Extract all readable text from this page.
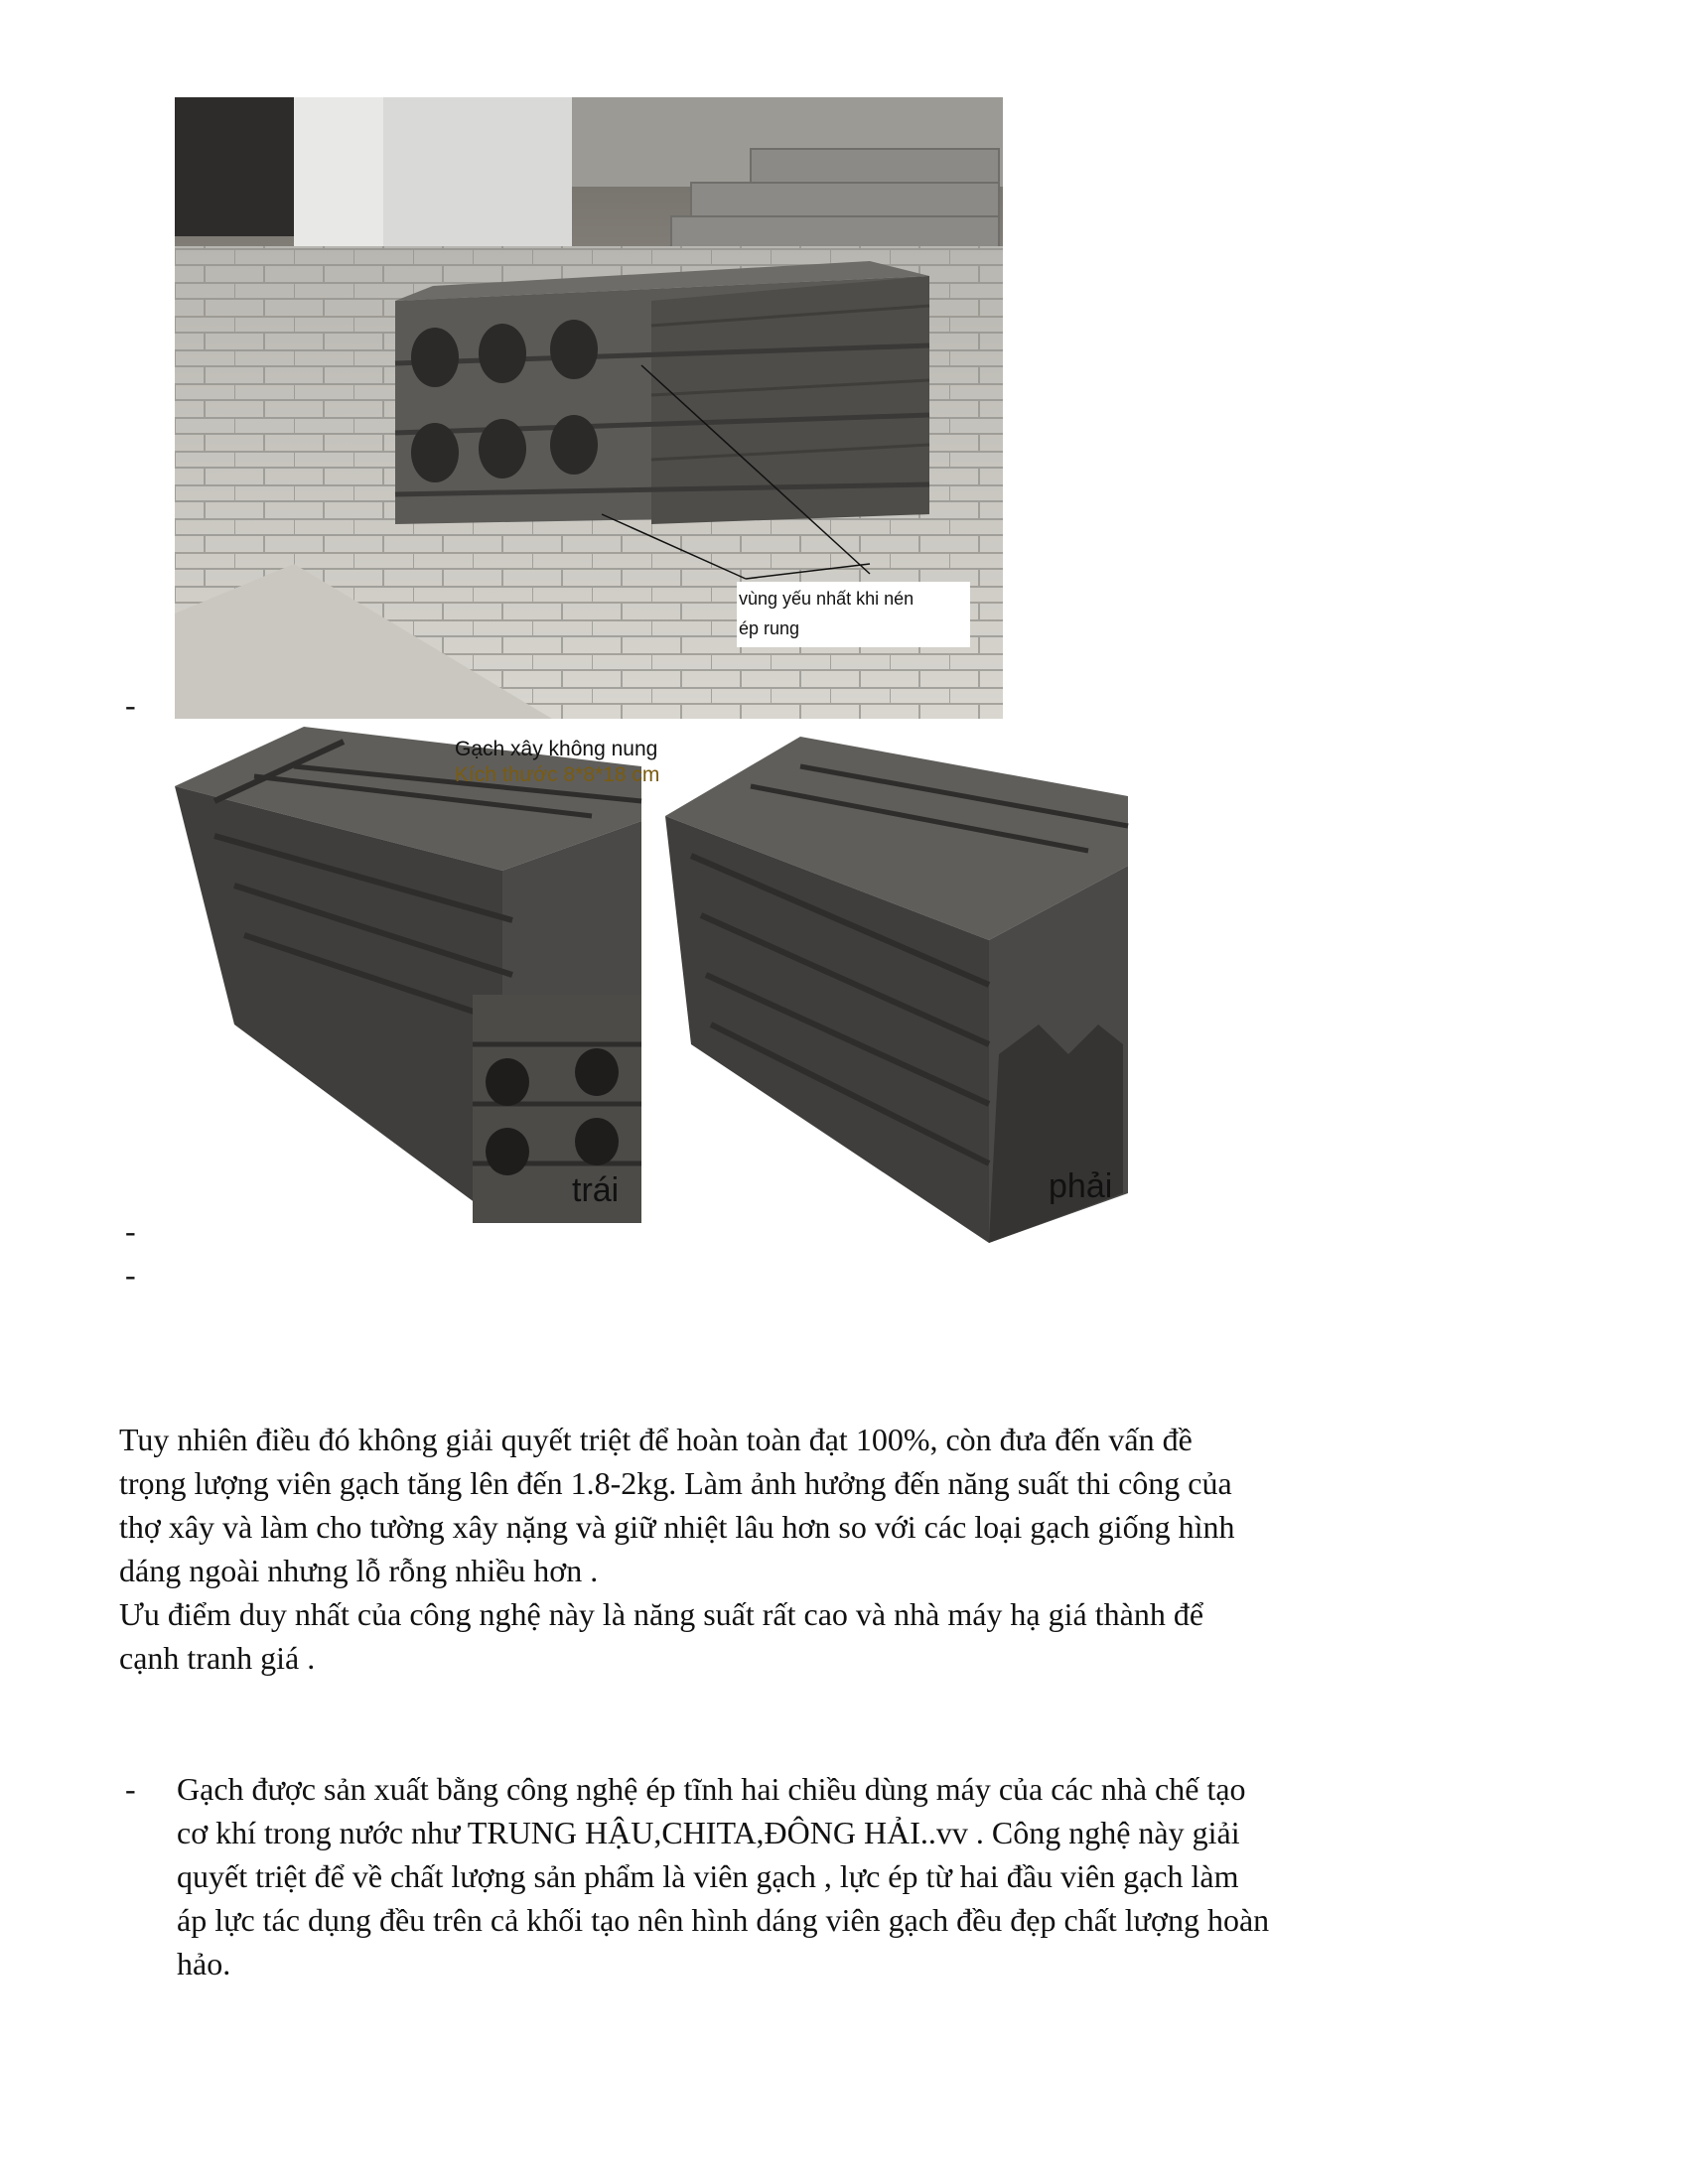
vùng yếu nhất khi nén
ép rung
Gạch xây không nung
Kích thước 8*8*18 cm
trái	phải
-
-
-

Tuy nhiên điều đó không giải quyết triệt để hoàn toàn đạt 100%, còn đưa đến vấn đề

trọng lượng viên gạch tăng lên đến 1.8-2kg. Làm ảnh hưởng đến năng suất thi công của

thợ xây và làm cho tường xây nặng và giữ nhiệt lâu hơn so với các loại gạch giống hình

dáng ngoài nhưng lỗ rỗng nhiều hơn .

Ưu điểm duy nhất của công nghệ này là năng suất rất cao và nhà máy hạ giá thành để

cạnh tranh giá .

- Gạch được sản xuất bằng công nghệ ép tĩnh hai chiều dùng máy của các nhà chế tạo
cơ khí trong nước như TRUNG HẬU,CHITA,ĐÔNG HẢI..vv . Công nghệ này giải
quyết triệt để về chất lượng sản phẩm là viên gạch , lực ép từ hai đầu viên gạch làm
áp lực tác dụng đều trên cả khối tạo nên hình dáng viên gạch đều đẹp chất lượng hoàn
hảo.
